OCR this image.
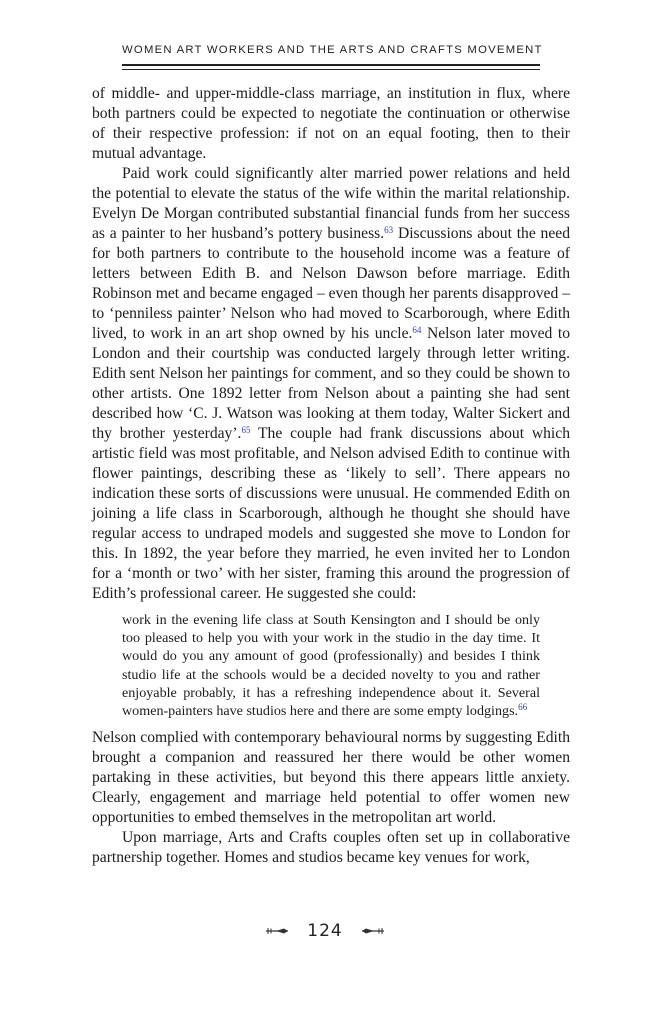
WOMEN ART WORKERS AND THE ARTS AND CRAFTS MOVEMENT

of middle- and upper-middle-class marriage, an institution in flux, where both partners could be expected to negotiate the continuation or otherwise of their respective profession: if not on an equal footing, then to their mutual advantage.

Paid work could significantly alter married power relations and held the potential to elevate the status of the wife within the marital relationship. Evelyn De Morgan contributed substantial financial funds from her success as a painter to her husband’s pottery business.$^{63}$ Discussions about the need for both partners to contribute to the household income was a feature of letters between Edith B. and Nelson Dawson before marriage. Edith Robinson met and became engaged – even though her parents disapproved – to ‘penniless painter’ Nelson who had moved to Scarborough, where Edith lived, to work in an art shop owned by his uncle.$^{64}$ Nelson later moved to London and their courtship was conducted largely through letter writing. Edith sent Nelson her paintings for comment, and so they could be shown to other artists. One 1892 letter from Nelson about a painting she had sent described how ‘C. J. Watson was looking at them today, Walter Sickert and thy brother yesterday’.$^{65}$ The couple had frank discussions about which artistic field was most profitable, and Nelson advised Edith to continue with flower paintings, describing these as ‘likely to sell’. There appears no indication these sorts of discussions were unusual. He commended Edith on joining a life class in Scarborough, although he thought she should have regular access to undraped models and suggested she move to London for this. In 1892, the year before they married, he even invited her to London for a ‘month or two’ with her sister, framing this around the progression of Edith’s professional career. He suggested she could:

work in the evening life class at South Kensington and I should be only too pleased to help you with your work in the studio in the day time. It would do you any amount of good (professionally) and besides I think studio life at the schools would be a decided novelty to you and rather enjoyable probably, it has a refreshing independence about it. Several women-painters have studios here and there are some empty lodgings.$^{66}$

Nelson complied with contemporary behavioural norms by suggesting Edith brought a companion and reassured her there would be other women partaking in these activities, but beyond this there appears little anxiety. Clearly, engagement and marriage held potential to offer women new opportunities to embed themselves in the metropolitan art world.

Upon marriage, Arts and Crafts couples often set up in collaborative partnership together. Homes and studios became key venues for work,

124
